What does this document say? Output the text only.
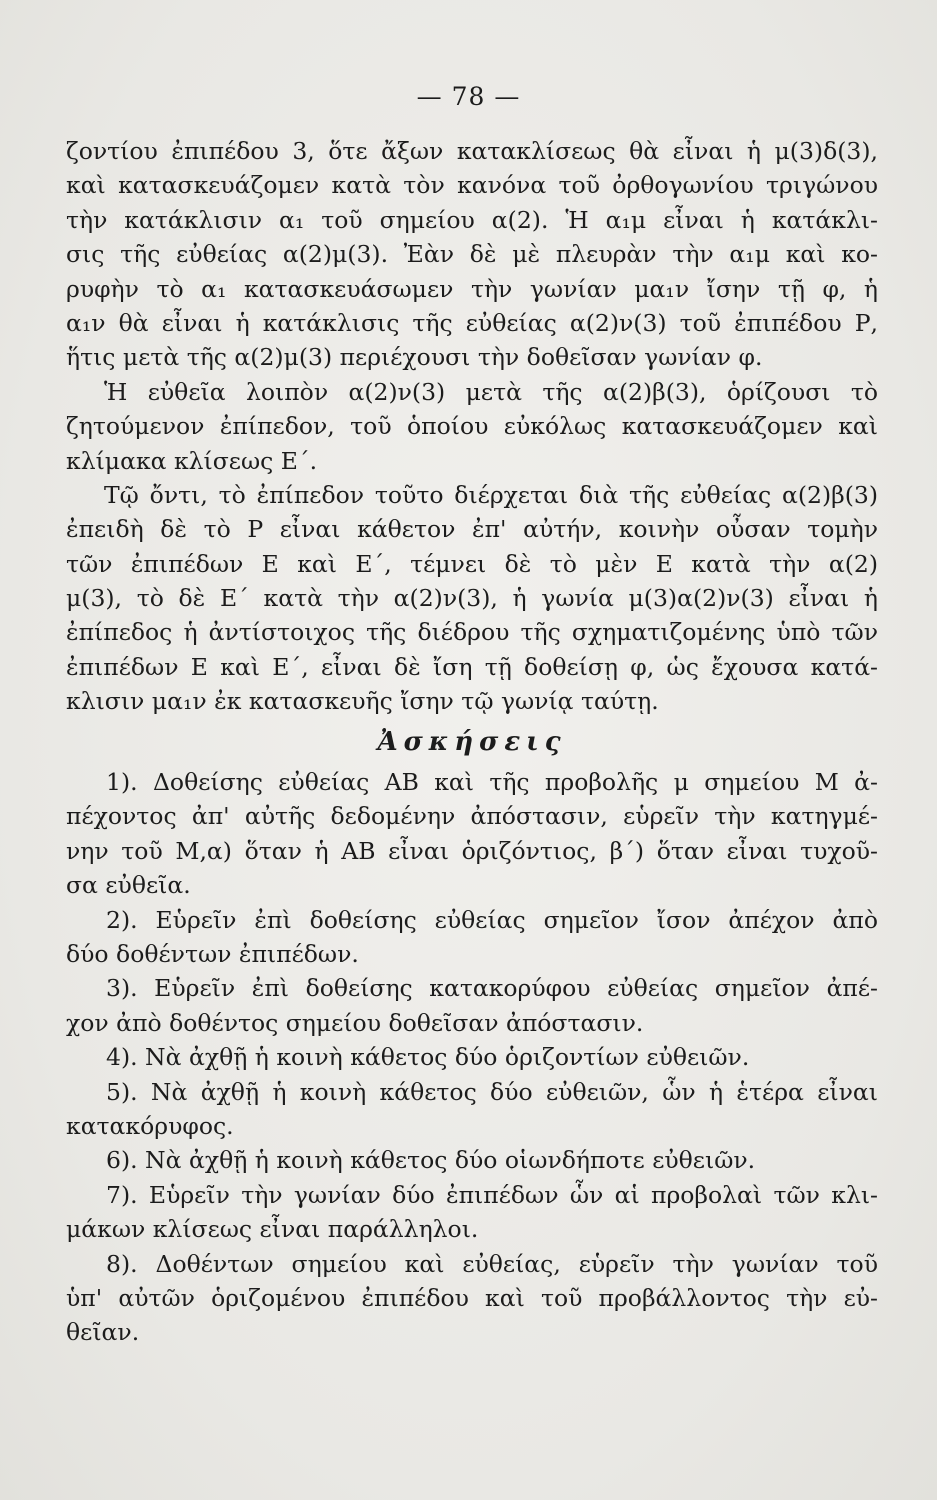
— 78 —
ζοντίου ἐπιπέδου 3, ὅτε ἄξων κατακλίσεως θὰ εἶναι ἡ μ(3)δ(3),
καὶ κατασκευάζομεν κατὰ τὸν κανόνα τοῦ ὀρθογωνίου τριγώνου
τὴν κατάκλισιν α₁ τοῦ σημείου α(2). Ἡ α₁μ εἶναι ἡ κατάκλι-
σις τῆς εὐθείας α(2)μ(3). Ἐὰν δὲ μὲ πλευρὰν τὴν α₁μ καὶ κο-
ρυφὴν τὸ α₁ κατασκευάσωμεν τὴν γωνίαν μα₁ν ἴσην τῇ φ, ἡ
α₁ν θὰ εἶναι ἡ κατάκλισις τῆς εὐθείας α(2)ν(3) τοῦ ἐπιπέδου Ρ,
ἥτις μετὰ τῆς α(2)μ(3) περιέχουσι τὴν δοθεῖσαν γωνίαν φ.
Ἡ εὐθεῖα λοιπὸν α(2)ν(3) μετὰ τῆς α(2)β(3), ὁρίζουσι τὸ
ζητούμενον ἐπίπεδον, τοῦ ὁποίου εὐκόλως κατασκευάζομεν καὶ
κλίμακα κλίσεως Ε΄.
Τῷ ὄντι, τὸ ἐπίπεδον τοῦτο διέρχεται διὰ τῆς εὐθείας α(2)β(3)
ἐπειδὴ δὲ τὸ Ρ εἶναι κάθετον ἐπ' αὐτήν, κοινὴν οὖσαν τομὴν
τῶν ἐπιπέδων Ε καὶ Ε΄, τέμνει δὲ τὸ μὲν Ε κατὰ τὴν α(2)
μ(3), τὸ δὲ Ε΄ κατὰ τὴν α(2)ν(3), ἡ γωνία μ(3)α(2)ν(3) εἶναι ἡ
ἐπίπεδος ἡ ἀντίστοιχος τῆς διέδρου τῆς σχηματιζομένης ὑπὸ τῶν
ἐπιπέδων Ε καὶ Ε΄, εἶναι δὲ ἴση τῇ δοθείσῃ φ, ὡς ἔχουσα κατά-
κλισιν μα₁ν ἐκ κατασκευῆς ἴσην τῷ γωνίᾳ ταύτῃ.
Ἀσκήσεις
1). Δοθείσης εὐθείας ΑΒ καὶ τῆς προβολῆς μ σημείου Μ ἀ-
πέχοντος ἀπ' αὐτῆς δεδομένην ἀπόστασιν, εὑρεῖν τὴν κατηγμέ-
νην τοῦ Μ,α) ὅταν ἡ ΑΒ εἶναι ὁριζόντιος, β΄) ὅταν εἶναι τυχοῦ-
σα εὐθεῖα.
2). Εὑρεῖν ἐπὶ δοθείσης εὐθείας σημεῖον ἴσον ἀπέχον ἀπὸ
δύο δοθέντων ἐπιπέδων.
3). Εὑρεῖν ἐπὶ δοθείσης κατακορύφου εὐθείας σημεῖον ἀπέ-
χον ἀπὸ δοθέντος σημείου δοθεῖσαν ἀπόστασιν.
4). Νὰ ἀχθῇ ἡ κοινὴ κάθετος δύο ὁριζοντίων εὐθειῶν.
5). Νὰ ἀχθῇ ἡ κοινὴ κάθετος δύο εὐθειῶν, ὧν ἡ ἑτέρα εἶναι
κατακόρυφος.
6). Νὰ ἀχθῇ ἡ κοινὴ κάθετος δύο οἱωνδήποτε εὐθειῶν.
7). Εὑρεῖν τὴν γωνίαν δύο ἐπιπέδων ὧν αἱ προβολαὶ τῶν κλι-
μάκων κλίσεως εἶναι παράλληλοι.
8). Δοθέντων σημείου καὶ εὐθείας, εὑρεῖν τὴν γωνίαν τοῦ
ὑπ' αὐτῶν ὁριζομένου ἐπιπέδου καὶ τοῦ προβάλλοντος τὴν εὐ-
θεῖαν.
